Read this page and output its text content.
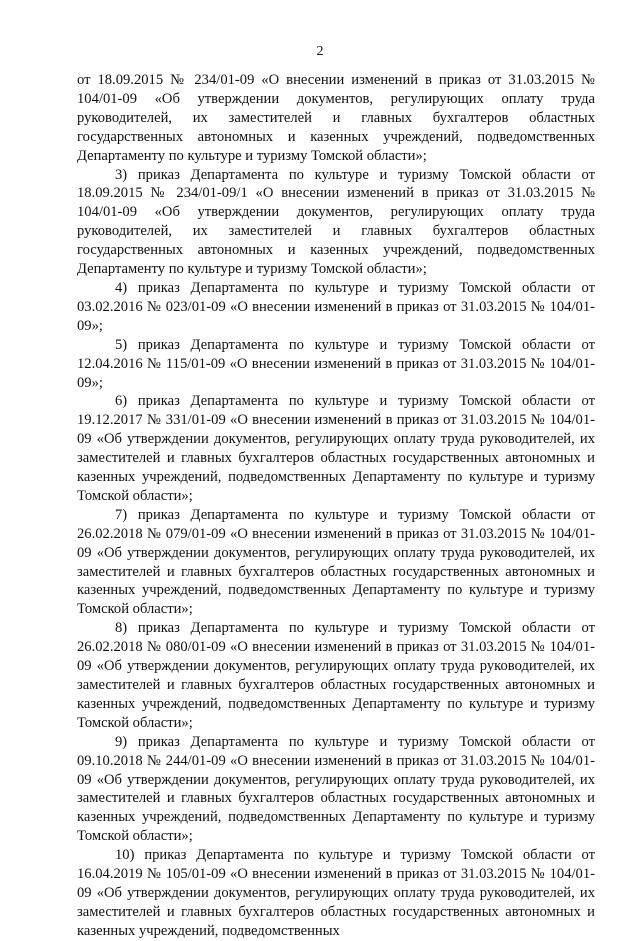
2

от 18.09.2015 № 234/01-09 «О внесении изменений в приказ от 31.03.2015 № 104/01-09 «Об утверждении документов, регулирующих оплату труда руководителей, их заместителей и главных бухгалтеров областных государственных автономных и казенных учреждений, подведомственных Департаменту по культуре и туризму Томской области»;

3) приказ Департамента по культуре и туризму Томской области от 18.09.2015 № 234/01-09/1 «О внесении изменений в приказ от 31.03.2015 № 104/01-09 «Об утверждении документов, регулирующих оплату труда руководителей, их заместителей и главных бухгалтеров областных государственных автономных и казенных учреждений, подведомственных Департаменту по культуре и туризму Томской области»;

4) приказ Департамента по культуре и туризму Томской области от 03.02.2016 № 023/01-09 «О внесении изменений в приказ от 31.03.2015 № 104/01-09»;

5) приказ Департамента по культуре и туризму Томской области от 12.04.2016 № 115/01-09 «О внесении изменений в приказ от 31.03.2015 № 104/01-09»;

6) приказ Департамента по культуре и туризму Томской области от 19.12.2017 № 331/01-09 «О внесении изменений в приказ от 31.03.2015 № 104/01-09 «Об утверждении документов, регулирующих оплату труда руководителей, их заместителей и главных бухгалтеров областных государственных автономных и казенных учреждений, подведомственных Департаменту по культуре и туризму Томской области»;

7) приказ Департамента по культуре и туризму Томской области от 26.02.2018 № 079/01-09 «О внесении изменений в приказ от 31.03.2015 № 104/01-09 «Об утверждении документов, регулирующих оплату труда руководителей, их заместителей и главных бухгалтеров областных государственных автономных и казенных учреждений, подведомственных Департаменту по культуре и туризму Томской области»;

8) приказ Департамента по культуре и туризму Томской области от 26.02.2018 № 080/01-09 «О внесении изменений в приказ от 31.03.2015 № 104/01-09 «Об утверждении документов, регулирующих оплату труда руководителей, их заместителей и главных бухгалтеров областных государственных автономных и казенных учреждений, подведомственных Департаменту по культуре и туризму Томской области»;

9) приказ Департамента по культуре и туризму Томской области от 09.10.2018 № 244/01-09 «О внесении изменений в приказ от 31.03.2015 № 104/01-09 «Об утверждении документов, регулирующих оплату труда руководителей, их заместителей и главных бухгалтеров областных государственных автономных и казенных учреждений, подведомственных Департаменту по культуре и туризму Томской области»;

10) приказ Департамента по культуре и туризму Томской области от 16.04.2019 № 105/01-09 «О внесении изменений в приказ от 31.03.2015 № 104/01-09 «Об утверждении документов, регулирующих оплату труда руководителей, их заместителей и главных бухгалтеров областных государственных автономных и казенных учреждений, подведомственных
